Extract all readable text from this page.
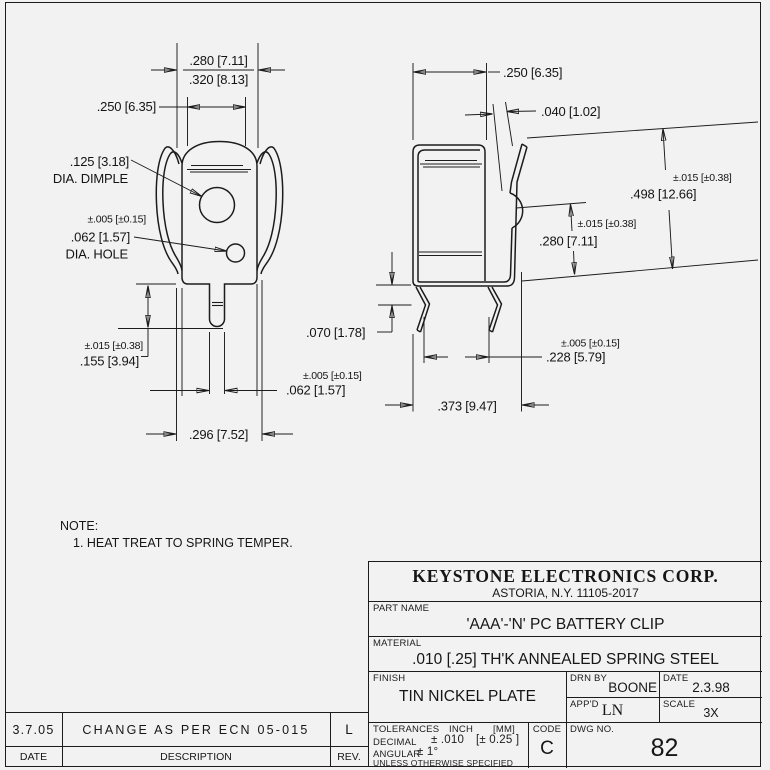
.280 [7.11]
.320 [8.13]
.250 [6.35]
.125 [3.18]
DIA. DIMPLE
±.005 [±0.15]
.062 [1.57]
DIA. HOLE
±.015 [±0.38]
.155 [3.94]
±.005 [±0.15]
.062 [1.57]
.296 [7.52]
.250 [6.35]
.040 [1.02]
±.015 [±0.38]
.498 [12.66]
±.015 [±0.38]
.280 [7.11]
.070 [1.78]
±.005 [±0.15]
.228 [5.79]
.373 [9.47]
NOTE:
1. HEAT TREAT TO SPRING TEMPER.
3.7.05	CHANGE AS PER ECN 05-015	L
DATE	DESCRIPTION	REV.
KEYSTONE ELECTRONICS CORP.
ASTORIA, N.Y. 11105-2017
PART NAME
'AAA'-'N' PC BATTERY CLIP
MATERIAL
.010 [.25] TH'K ANNEALED SPRING STEEL
FINISH
TIN NICKEL PLATE
DRN BY
BOONE
DATE
2.3.98
APP'D LN	SCALE
3X
TOLERANCES INCH [MM]
DECIMAL ± .010 [± 0.25 ]
ANGULAR
± 1°
UNLESS OTHERWISE SPECIFIED
CODE
C
DWG NO.
82
